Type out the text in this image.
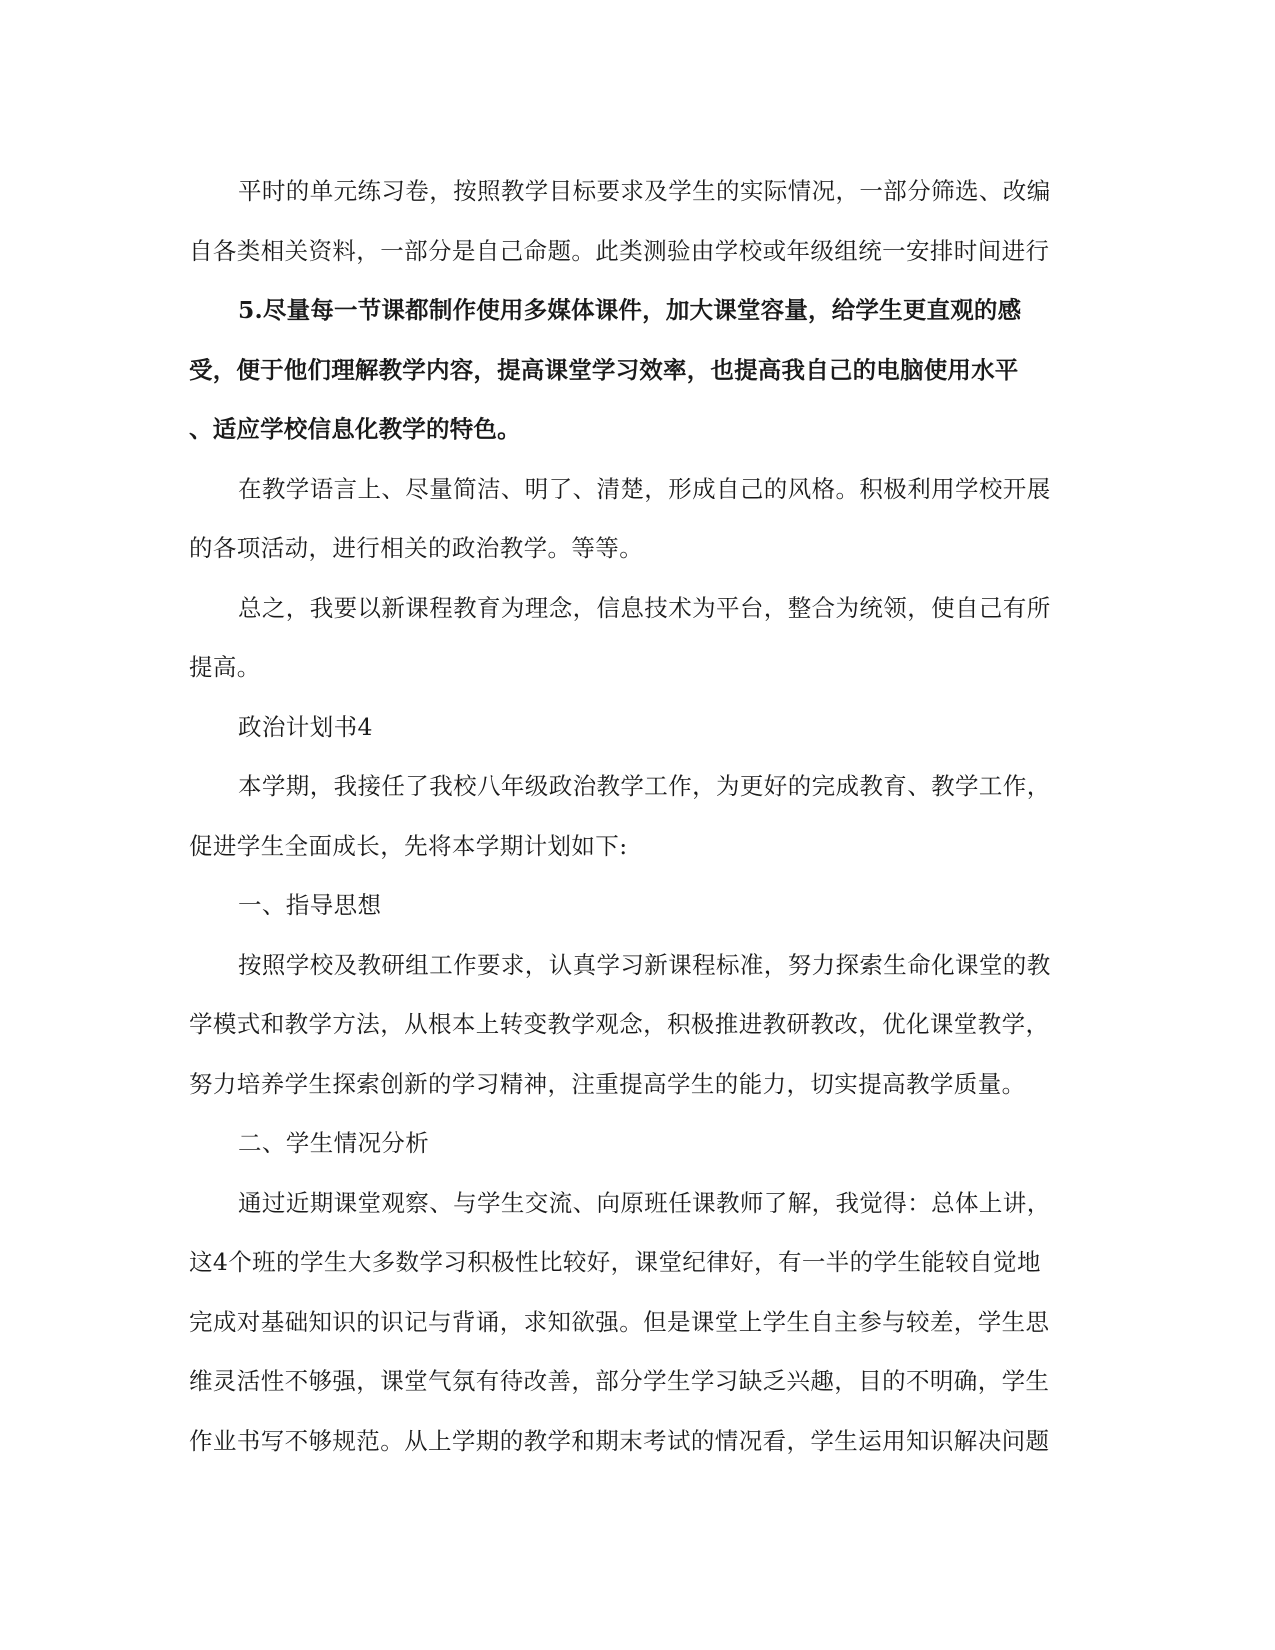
平时的单元练习卷，按照教学目标要求及学生的实际情况，一部分筛选、改编
自各类相关资料，一部分是自己命题。此类测验由学校或年级组统一安排时间进行
5.尽量每一节课都制作使用多媒体课件，加大课堂容量，给学生更直观的感
受，便于他们理解教学内容，提高课堂学习效率，也提高我自己的电脑使用水平
、适应学校信息化教学的特色。
在教学语言上、尽量简洁、明了、清楚，形成自己的风格。积极利用学校开展
的各项活动，进行相关的政治教学。等等。
总之，我要以新课程教育为理念，信息技术为平台，整合为统领，使自己有所
提高。
政治计划书4
本学期，我接任了我校八年级政治教学工作，为更好的完成教育、教学工作，
促进学生全面成长，先将本学期计划如下:
一、指导思想
按照学校及教研组工作要求，认真学习新课程标准，努力探索生命化课堂的教
学模式和教学方法，从根本上转变教学观念，积极推进教研教改，优化课堂教学，
努力培养学生探索创新的学习精神，注重提高学生的能力，切实提高教学质量。
二、学生情况分析
通过近期课堂观察、与学生交流、向原班任课教师了解，我觉得：总体上讲，
这4个班的学生大多数学习积极性比较好，课堂纪律好，有一半的学生能较自觉地
完成对基础知识的识记与背诵，求知欲强。但是课堂上学生自主参与较差，学生思
维灵活性不够强，课堂气氛有待改善，部分学生学习缺乏兴趣，目的不明确，学生
作业书写不够规范。从上学期的教学和期末考试的情况看，学生运用知识解决问题
